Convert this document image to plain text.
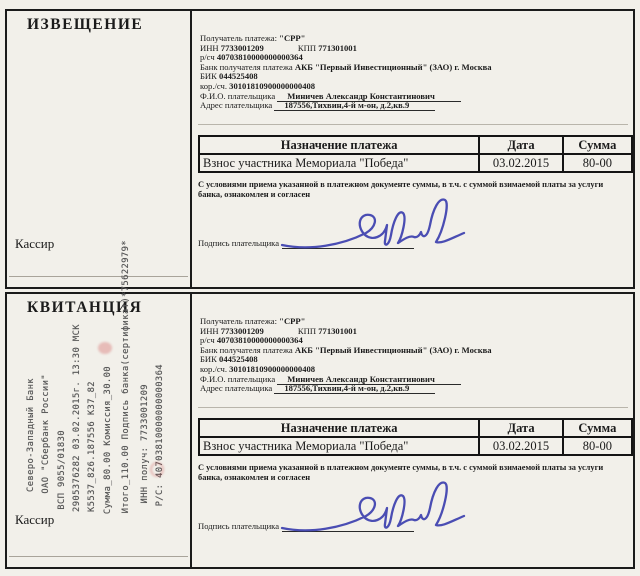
ИЗВЕЩЕНИЕ
Кассир
Получатель платежа: "СРР"
ИНН 7733001209	КПП 771301001
р/сч 40703810000000000364
Банк получателя платежа АКБ "Первый Инвестиционный" (ЗАО) г. Москва
БИК 044525408
кор./сч. 30101810900000000408
Ф.И.О. плательщика Миничев Александр Константинович
Адрес плательщика 187556,Тихвин,4-й м-он, д.2,кв.9
Назначение платежа	Дата	Сумма
Взнос участника Мемориала "Победа"	03.02.2015	80-00
С условиями приема указанной в платежном документе суммы, в т.ч. с суммой взимаемой платы за услуги банка, ознакомлен и согласен
Подпись плательщика
КВИТАНЦИЯ
Кассир
Получатель платежа: "СРР"
ИНН 7733001209	КПП 771301001
р/сч 40703810000000000364
Банк получателя платежа АКБ "Первый Инвестиционный" (ЗАО) г. Москва
БИК 044525408
кор./сч. 30101810900000000408
Ф.И.О. плательщика Миничев Александр Константинович
Адрес плательщика 187556,Тихвин,4-й м-он, д.2,кв.9
Назначение платежа	Дата	Сумма
Взнос участника Мемориала "Победа"	03.02.2015	80-00
С условиями приема указанной в платежном документе суммы, в т.ч. с суммой взимаемой платы за услуги банка, ознакомлен и согласен
Подпись плательщика
Северо-Западный Банк ОАО "Сбербанк России" ВСП 9055/01830 2905376282 03.02.2015г. 13:30 МСК К5537_826.187556 К37_82 Сумма_80.00 Комиссия_30.00 Итого_110.00 Подпись банка(сертификат)*75622979* ИНН получ: 7733001209 Р/С: 40703810000000000364
